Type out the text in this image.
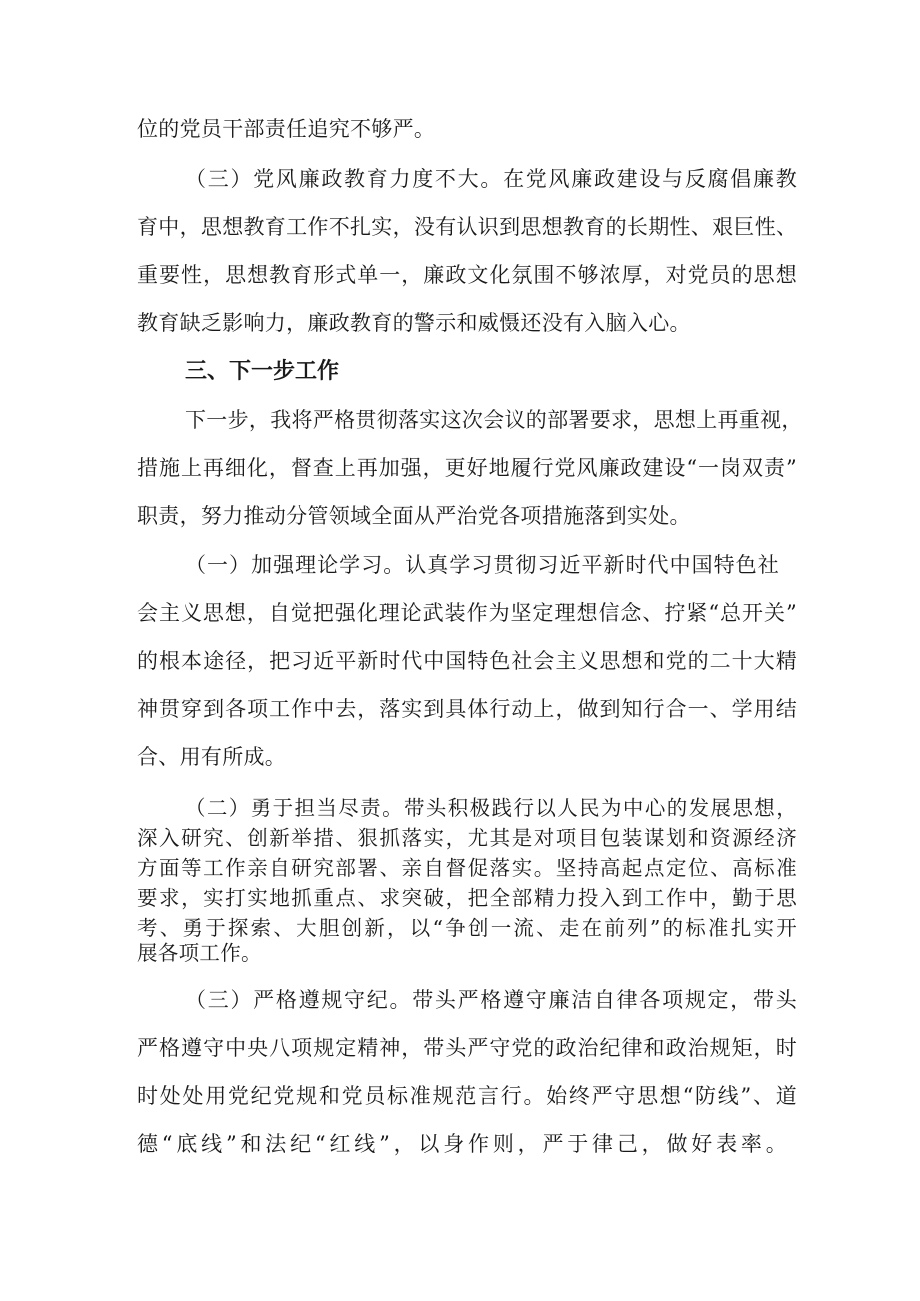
位的党员干部责任追究不够严。

（三）党风廉政教育力度不大。在党风廉政建设与反腐倡廉教

育中，思想教育工作不扎实，没有认识到思想教育的长期性、艰巨性、

重要性，思想教育形式单一，廉政文化氛围不够浓厚，对党员的思想

教育缺乏影响力，廉政教育的警示和威慑还没有入脑入心。

三、下一步工作

下一步，我将严格贯彻落实这次会议的部署要求，思想上再重视，

措施上再细化，督查上再加强，更好地履行党风廉政建设“一岗双责”

职责，努力推动分管领域全面从严治党各项措施落到实处。

（一）加强理论学习。认真学习贯彻习近平新时代中国特色社

会主义思想，自觉把强化理论武装作为坚定理想信念、拧紧“总开关”

的根本途径，把习近平新时代中国特色社会主义思想和党的二十大精

神贯穿到各项工作中去，落实到具体行动上，做到知行合一、学用结

合、用有所成。

（二）勇于担当尽责。带头积极践行以人民为中心的发展思想，

深入研究、创新举措、狠抓落实，尤其是对项目包装谋划和资源经济

方面等工作亲自研究部署、亲自督促落实。坚持高起点定位、高标准

要求，实打实地抓重点、求突破，把全部精力投入到工作中，勤于思

考、勇于探索、大胆创新，以“争创一流、走在前列”的标准扎实开

展各项工作。

（三）严格遵规守纪。带头严格遵守廉洁自律各项规定，带头

严格遵守中央八项规定精神，带头严守党的政治纪律和政治规矩，时

时处处用党纪党规和党员标准规范言行。始终严守思想“防线”、道

德“底线”和法纪“红线”，以身作则，严于律己，做好表率。
